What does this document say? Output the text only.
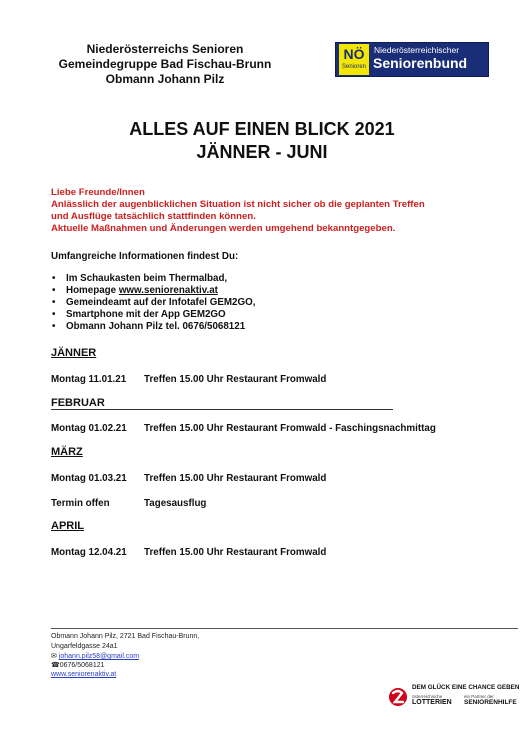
Niederösterreichs Senioren
Gemeindegruppe Bad Fischau-Brunn
Obmann Johann Pilz
NÖ
Senioren
Niederösterreichischer
Seniorenbund
ALLES AUF EINEN BLICK 2021
JÄNNER - JUNI
Liebe Freunde/Innen
Anlässlich der augenblicklichen Situation ist nicht sicher ob die geplanten Treffen
und Ausflüge tatsächlich stattfinden können.
Aktuelle Maßnahmen und Änderungen werden umgehend bekanntgegeben.
Umfangreiche Informationen findest Du:
• Im Schaukasten beim Thermalbad,
• Homepage www.seniorenaktiv.at
• Gemeindeamt auf der Infotafel GEM2GO,
• Smartphone mit der App GEM2GO
• Obmann Johann Pilz tel. 0676/5068121
JÄNNER
Montag 11.01.21 Treffen 15.00 Uhr Restaurant Fromwald
FEBRUAR
Montag 01.02.21 Treffen 15.00 Uhr Restaurant Fromwald - Faschingsnachmittag
MÄRZ
Montag 01.03.21 Treffen 15.00 Uhr Restaurant Fromwald
Termin offen	Tagesausflug
APRIL
Montag 12.04.21 Treffen 15.00 Uhr Restaurant Fromwald
Obmann Johann Pilz, 2721 Bad Fischau-Brunn,
Ungarfeldgasse 24a1
✉ johann.pilz58@gmail.com
☎0676/5068121
www.seniorenaktiv.at
DEM GLÜCK EINE CHANCE GEBEN
österreichische
LOTTERIEN
ein Partner der
SENIORENHILFE
